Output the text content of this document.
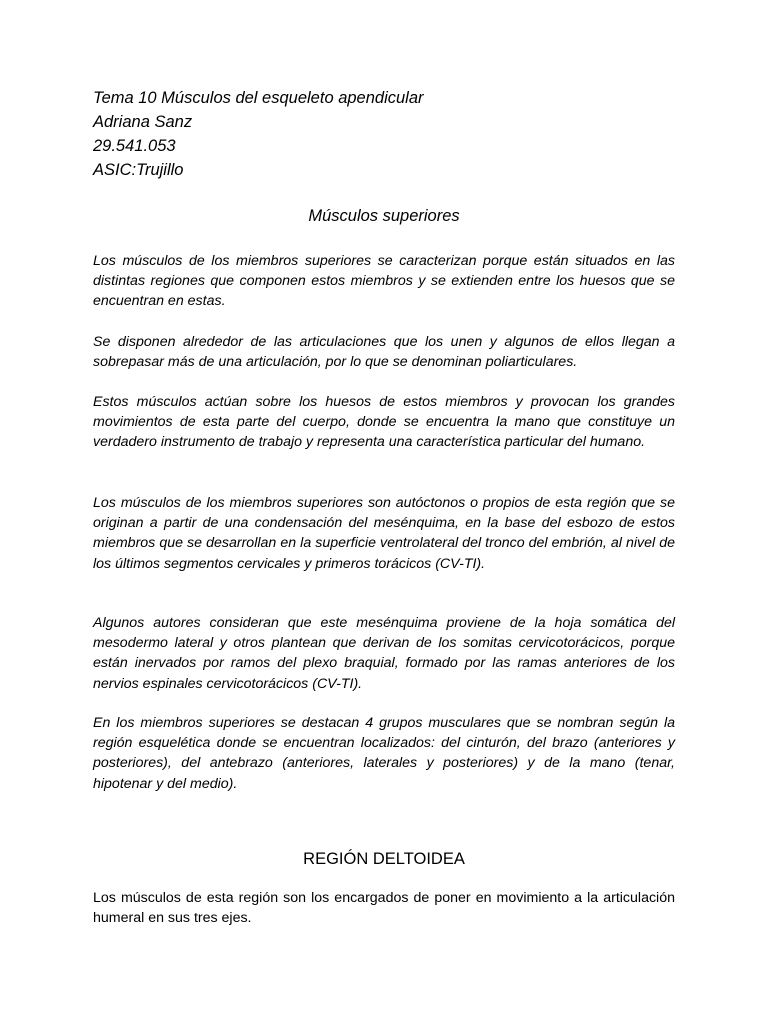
Tema 10 Músculos del esqueleto apendicular
Adriana Sanz
29.541.053
ASIC:Trujillo
Músculos superiores

Los músculos de los miembros superiores se caracterizan porque están situados en las distintas regiones que componen estos miembros y se extienden entre los huesos que se encuentran en estas.

Se disponen alrededor de las articulaciones que los unen y algunos de ellos llegan a sobrepasar más de una articulación, por lo que se denominan poliarticulares.

Estos músculos actúan sobre los huesos de estos miembros y provocan los grandes movimientos de esta parte del cuerpo, donde se encuentra la mano que constituye un verdadero instrumento de trabajo y representa una característica particular del humano.

Los músculos de los miembros superiores son autóctonos o propios de esta región que se originan a partir de una condensación del mesénquima, en la base del esbozo de estos miembros que se desarrollan en la superficie ventrolateral del tronco del embrión, al nivel de los últimos segmentos cervicales y primeros torácicos (CV-TI).

Algunos autores consideran que este mesénquima proviene de la hoja somática del mesodermo lateral y otros plantean que derivan de los somitas cervicotorácicos, porque están inervados por ramos del plexo braquial, formado por las ramas anteriores de los nervios espinales cervicotorácicos (CV-TI).

En los miembros superiores se destacan 4 grupos musculares que se nombran según la región esquelética donde se encuentran localizados: del cinturón, del brazo (anteriores y posteriores), del antebrazo (anteriores, laterales y posteriores) y de la mano (tenar, hipotenar y del medio).

REGIÓN DELTOIDEA

Los músculos de esta región son los encargados de poner en movimiento a la articulación humeral en sus tres ejes.
